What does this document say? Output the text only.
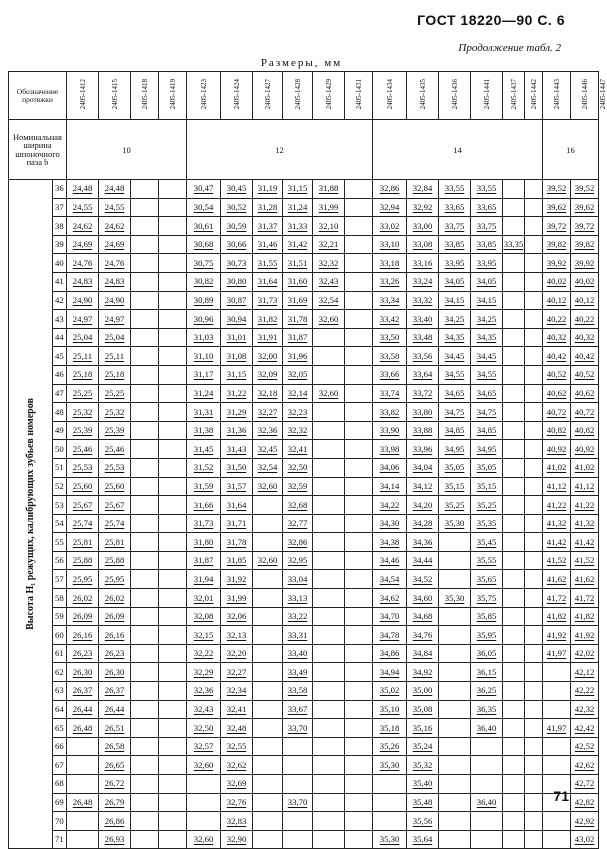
ГОСТ 18220—90 С. 6
Продолжение табл. 2
Размеры, мм
Обозначение протяжки		2405-1412	2405-1415	2405-1418	2405-1419	2405-1423	2405-1424	2405-1427	2405-1428	2405-1429	2405-1431	2405-1434	2405-1435	2405-1436	2405-1441	2405-1437	2405-1442	2405-1443	2405-1446	2405-1447
Номинальная ширина шпоночного паза b		10				12						14						16		

Высота H₁ режущих, калибрующих зубьев номеров	36	24,48	24,48			30,47	30,45	31,19	31,15	31,88		32,86	32,84	33,55	33,55			39,52	39,52	
	37	24,55	24,55			30,54	30,52	31,28	31,24	31,99		32,94	32,92	33,65	33,65			39,62	39,62	
	38	24,62	24,62			30,61	30,59	31,37	31,33	32,10		33,02	33,00	33,75	33,75			39,72	39,72	
	39	24,69	24,69			30,68	30,66	31,46	31,42	32,21		33,10	33,08	33,85	33,85	33,35		39,82	39,82	
	40	24,76	24,76			30,75	30,73	31,55	31,51	32,32		33,18	33,16	33,95	33,95			39,92	39,92	
	41	24,83	24,83			30,82	30,80	31,64	31,60	32,43		33,26	33,24	34,05	34,05			40,02	40,02	
	42	24,90	24,90			30,89	30,87	31,73	31,69	32,54		33,34	33,32	34,15	34,15			40,12	40,12	
	43	24,97	24,97			30,96	30,94	31,82	31,78	32,60		33,42	33,40	34,25	34,25			40,22	40,22	
	44	25,04	25,04			31,03	31,01	31,91	31,87			33,50	33,48	34,35	34,35			40,32	40,32	
	45	25,11	25,11			31,10	31,08	32,00	31,96			33,58	33,56	34,45	34,45			40,42	40,42	
	46	25,18	25,18			31,17	31,15	32,09	32,05			33,66	33,64	34,55	34,55			40,52	40,52	
	47	25,25	25,25			31,24	31,22	32,18	32,14	32,60		33,74	33,72	34,65	34,65			40,62	40,62	
	48	25,32	25,32			31,31	31,29	32,27	32,23			33,82	33,80	34,75	34,75			40,72	40,72	
	49	25,39	25,39			31,38	31,36	32,36	32,32			33,90	33,88	34,85	34,85			40,82	40,82	
	50	25,46	25,46			31,45	31,43	32,45	32,41			33,98	33,96	34,95	34,95			40,92	40,92	
	51	25,53	25,53			31,52	31,50	32,54	32,50			34,06	34,04	35,05	35,05			41,02	41,02	
	52	25,60	25,60			31,59	31,57	32,60	32,59			34,14	34,12	35,15	35,15			41,12	41,12	
	53	25,67	25,67			31,66	31,64		32,68			34,22	34,20	35,25	35,25			41,22	41,22	
	54	25,74	25,74			31,73	31,71		32,77			34,30	34,28	35,30	35,35			41,32	41,32	
	55	25,81	25,81			31,80	31,78		32,86			34,38	34,36		35,45			41,42	41,42	
	56	25,88	25,88			31,87	31,85	32,60	32,95			34,46	34,44		35,55			41,52	41,52	
	57	25,95	25,95			31,94	31,92		33,04			34,54	34,52		35,65			41,62	41,62	
	58	26,02	26,02			32,01	31,99		33,13			34,62	34,60	35,30	35,75			41,72	41,72	
	59	26,09	26,09			32,08	32,06		33,22			34,70	34,68		35,85			41,82	41,82	
	60	26,16	26,16			32,15	32,13		33,31			34,78	34,76		35,95			41,92	41,92	
	61	26,23	26,23			32,22	32,20		33,40			34,86	34,84		36,05			41,97	42,02	
	62	26,30	26,30			32,29	32,27		33,49			34,94	34,92		36,15				42,12	
	63	26,37	26,37			32,36	32,34		33,58			35,02	35,00		36,25				42,22	
	64	26,44	26,44			32,43	32,41		33,67			35,10	35,08		36,35				42,32	
	65	26,48	26,51			32,50	32,48		33,70			35,18	35,16		36,40			41,97	42,42	
	66		26,58			32,57	32,55					35,26	35,24						42,52	
	67		26,65			32,60	32,62					35,30	35,32						42,62	
	68		26,72				32,69						35,40						42,72	
	69	26,48	26,79				32,76		33,70				35,48		36,40				42,82	
	70		26,86				32,83						35,56						42,92	
	71		26,93			32,60	32,90					35,30	35,64						43,02	
71
